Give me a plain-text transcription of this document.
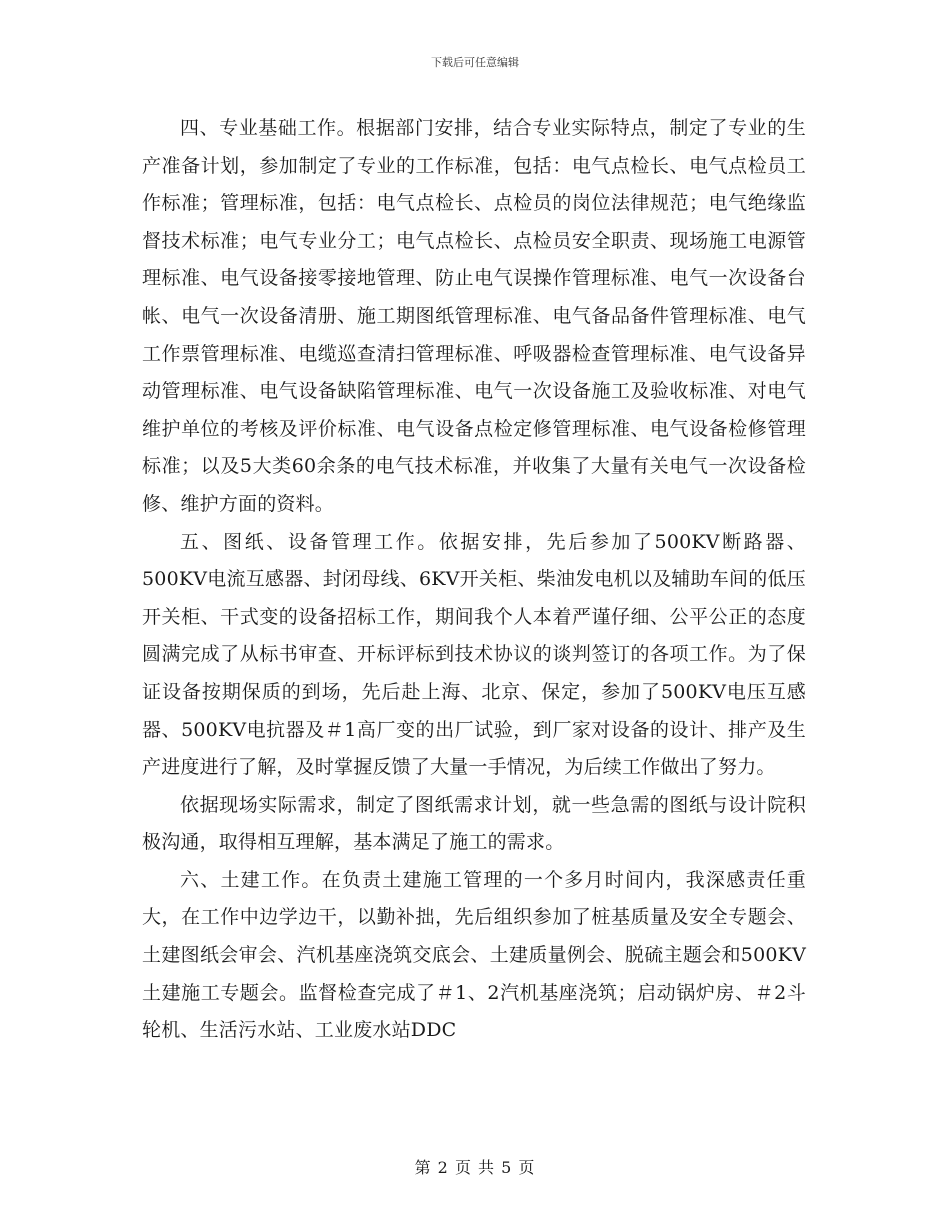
下载后可任意编辑

四、专业基础工作。根据部门安排，结合专业实际特点，制定了专业的生产准备计划，参加制定了专业的工作标准，包括：电气点检长、电气点检员工作标准；管理标准，包括：电气点检长、点检员的岗位法律规范；电气绝缘监督技术标准；电气专业分工；电气点检长、点检员安全职责、现场施工电源管理标准、电气设备接零接地管理、防止电气误操作管理标准、电气一次设备台帐、电气一次设备清册、施工期图纸管理标准、电气备品备件管理标准、电气工作票管理标准、电缆巡查清扫管理标准、呼吸器检查管理标准、电气设备异动管理标准、电气设备缺陷管理标准、电气一次设备施工及验收标准、对电气维护单位的考核及评价标准、电气设备点检定修管理标准、电气设备检修管理标准；以及5大类60余条的电气技术标准，并收集了大量有关电气一次设备检修、维护方面的资料。

五、图纸、设备管理工作。依据安排，先后参加了500KV断路器、500KV电流互感器、封闭母线、6KV开关柜、柴油发电机以及辅助车间的低压开关柜、干式变的设备招标工作，期间我个人本着严谨仔细、公平公正的态度圆满完成了从标书审查、开标评标到技术协议的谈判签订的各项工作。为了保证设备按期保质的到场，先后赴上海、北京、保定，参加了500KV电压互感器、500KV电抗器及＃1高厂变的出厂试验，到厂家对设备的设计、排产及生产进度进行了解，及时掌握反馈了大量一手情况，为后续工作做出了努力。

依据现场实际需求，制定了图纸需求计划，就一些急需的图纸与设计院积极沟通，取得相互理解，基本满足了施工的需求。

六、土建工作。在负责土建施工管理的一个多月时间内，我深感责任重大，在工作中边学边干，以勤补拙，先后组织参加了桩基质量及安全专题会、土建图纸会审会、汽机基座浇筑交底会、土建质量例会、脱硫主题会和500KV土建施工专题会。监督检查完成了＃1、2汽机基座浇筑；启动锅炉房、＃2斗轮机、生活污水站、工业废水站DDC

第 2 页 共 5 页
